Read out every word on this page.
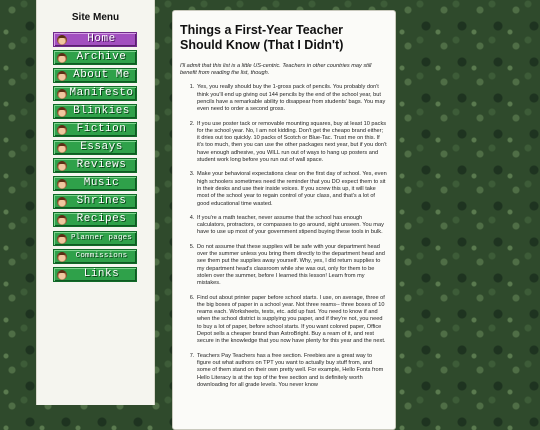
Site Menu
Home
Archive
About Me
Manifesto
Blinkies
Fiction
Essays
Reviews
Music
Shrines
Recipes
Planner pages
Commissions
Links
Things a First-Year Teacher Should Know (That I Didn't)

I'll admit that this list is a little US-centric. Teachers in other countries may still benefit from reading the list, though.

1. Yes, you really should buy the 1-gross pack of pencils. You probably don't think you'll end up giving out 144 pencils by the end of the school year, but pencils have a remarkable ability to disappear from students' bags. You may even need to order a second gross.
2. If you use poster tack or removable mounting squares, buy at least 10 packs for the school year. No, I am not kidding. Don't get the cheapo brand either; it dries out too quickly. 10 packs of Scotch or Blue-Tac. Trust me on this. If it's too much, then you can use the other packages next year, but if you don't have enough adhesive, you WILL run out of ways to hang up posters and student work long before you run out of wall space.
3. Make your behavioral expectations clear on the first day of school. Yes, even high schoolers sometimes need the reminder that you DO expect them to sit in their desks and use their inside voices. If you screw this up, it will take most of the school year to regain control of your class, and that's a lot of good educational time wasted.
4. If you're a math teacher, never assume that the school has enough calculators, protractors, or compasses to go around, sight unseen. You may have to use up most of your government stipend buying these tools in bulk.
5. Do not assume that these supplies will be safe with your department head over the summer unless you bring them directly to the department head and see them put the supplies away yourself. Why, yes, I did return supplies to my department head's classroom while she was out, only for them to be stolen over the summer, before I learned this lesson! Learn from my mistakes.
6. Find out about printer paper before school starts. I use, on average, three of the big boxes of paper in a school year. Not three reams-- three boxes of 10 reams each. Worksheets, tests, etc. add up fast. You need to know if and when the school district is supplying you paper, and if they're not, you need to buy a lot of paper, before school starts. If you want colored paper, Office Depot sells a cheaper brand than AstroBright. Buy a ream of it, and rest secure in the knowledge that you now have plenty for this year and the next.
7. Teachers Pay Teachers has a free section. Freebies are a great way to figure out what authors on TPT you want to actually buy stuff from, and some of them stand on their own pretty well. For example, Hello Fonts from Hello Literacy is at the top of the free section and is definitely worth downloading for all grade levels. You never know
